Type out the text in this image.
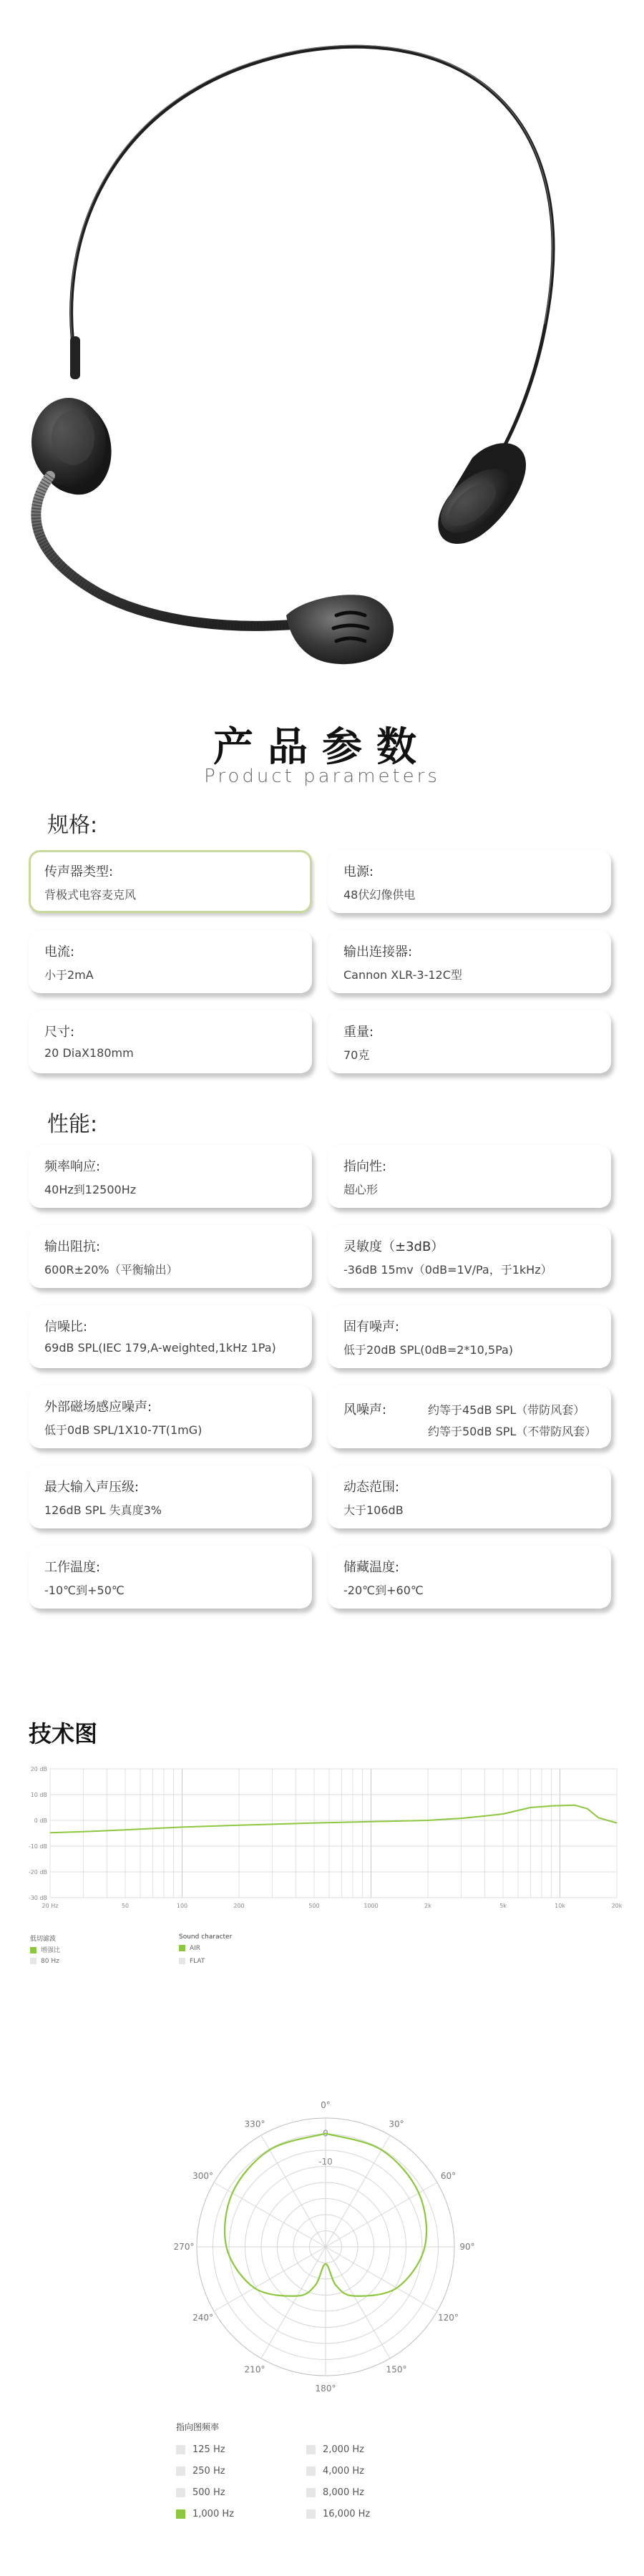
产品参数
Product parameters
规格:
传声器类型:
背极式电容麦克风
电源:
48伏幻像供电
电流:
小于2mA
输出连接器:
Cannon XLR-3-12C型
尺寸:
20 DiaX180mm
重量:
70克
性能:
频率响应:
40Hz到12500Hz
指向性:
超心形
输出阻抗:
600R±20%（平衡输出）
灵敏度（±3dB）
-36dB 15mv（0dB=1V/Pa，于1kHz）
信噪比:
69dB SPL(IEC 179,A-weighted,1kHz 1Pa)
固有噪声:
低于20dB SPL(0dB=2*10,5Pa)
外部磁场感应噪声:
低于0dB SPL/1X10-7T(1mG)
风噪声:	约等于45dB SPL（带防风套）
约等于50dB SPL（不带防风套）
最大输入声压级:
126dB SPL 失真度3%
动态范围:
大于106dB
工作温度:
-10℃到+50℃
储藏温度:
-20℃到+60℃
技术图
-30 dB
-20 dB
-10 dB
0 dB
10 dB
20 dB
20 Hz	50	100	200	500	1000	2k	5k	10k	20k
低切滤波
增强比
80 Hz
Sound character
AIR
FLAT
0°
30°
60°
90°
120°
150°
180°
210°
240°
270°
300°
330°
0
-10
指向图频率
125 Hz	2,000 Hz
250 Hz	4,000 Hz
500 Hz	8,000 Hz
1,000 Hz	16,000 Hz
